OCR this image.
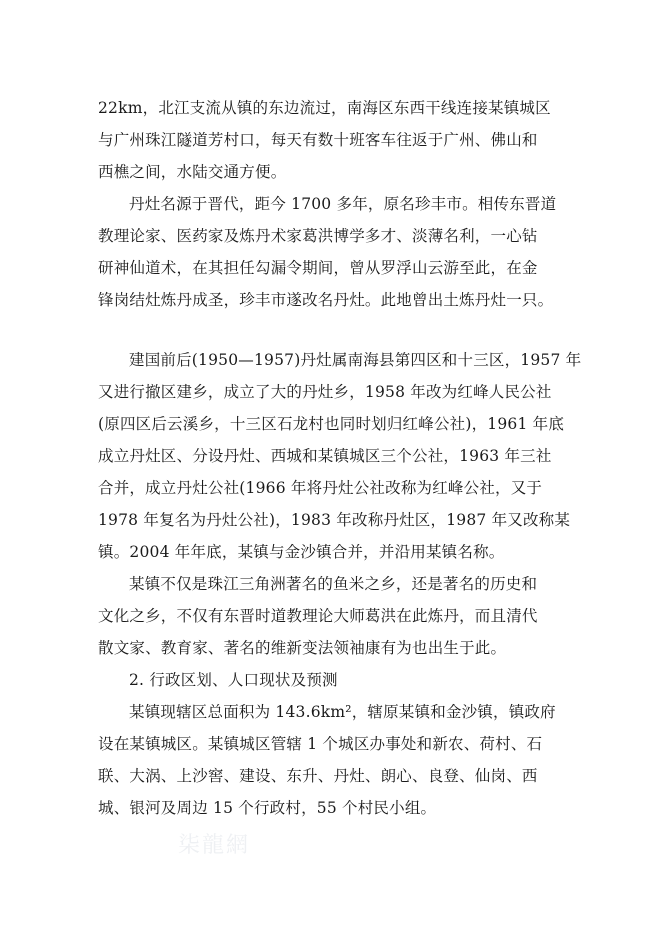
22km，北江支流从镇的东边流过，南海区东西干线连接某镇城区
与广州珠江隧道芳村口，每天有数十班客车往返于广州、佛山和
西樵之间，水陆交通方便。
丹灶名源于晋代，距今 1700 多年，原名珍丰市。相传东晋道
教理论家、医药家及炼丹术家葛洪博学多才、淡薄名利，一心钻
研神仙道术，在其担任勾漏令期间，曾从罗浮山云游至此，在金
锋岗结灶炼丹成圣，珍丰市遂改名丹灶。此地曾出土炼丹灶一只。
建国前后(1950—1957)丹灶属南海县第四区和十三区，1957 年
又进行撤区建乡，成立了大的丹灶乡，1958 年改为红峰人民公社
(原四区后云溪乡，十三区石龙村也同时划归红峰公社)，1961 年底
成立丹灶区、分设丹灶、西城和某镇城区三个公社，1963 年三社
合并，成立丹灶公社(1966 年将丹灶公社改称为红峰公社，又于
1978 年复名为丹灶公社)，1983 年改称丹灶区，1987 年又改称某
镇。2004 年年底，某镇与金沙镇合并，并沿用某镇名称。
某镇不仅是珠江三角洲著名的鱼米之乡，还是著名的历史和
文化之乡，不仅有东晋时道教理论大师葛洪在此炼丹，而且清代
散文家、教育家、著名的维新变法领袖康有为也出生于此。
2. 行政区划、人口现状及预测
某镇现辖区总面积为 143.6km²，辖原某镇和金沙镇，镇政府
设在某镇城区。某镇城区管辖 1 个城区办事处和新农、荷村、石
联、大涡、上沙窖、建设、东升、丹灶、朗心、良登、仙岗、西
城、银河及周边 15 个行政村，55 个村民小组。
柒龍網
